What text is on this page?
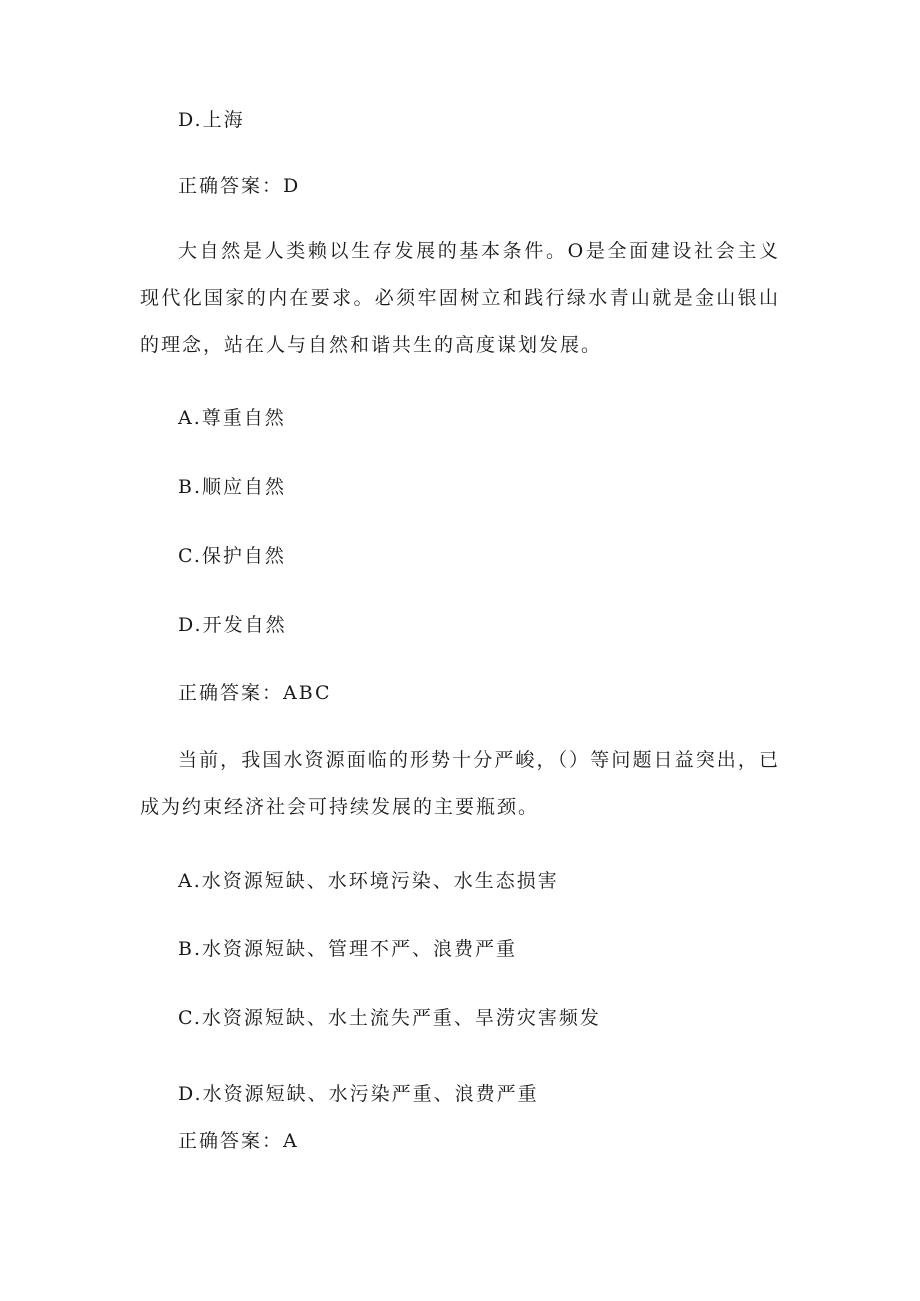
D.上海
正确答案：D
大自然是人类赖以生存发展的基本条件。O是全面建设社会主义现代化国家的内在要求。必须牢固树立和践行绿水青山就是金山银山的理念，站在人与自然和谐共生的高度谋划发展。
A.尊重自然
B.顺应自然
C.保护自然
D.开发自然
正确答案：ABC
当前，我国水资源面临的形势十分严峻，（）等问题日益突出，已成为约束经济社会可持续发展的主要瓶颈。
A.水资源短缺、水环境污染、水生态损害
B.水资源短缺、管理不严、浪费严重
C.水资源短缺、水土流失严重、旱涝灾害频发
D.水资源短缺、水污染严重、浪费严重
正确答案：A
